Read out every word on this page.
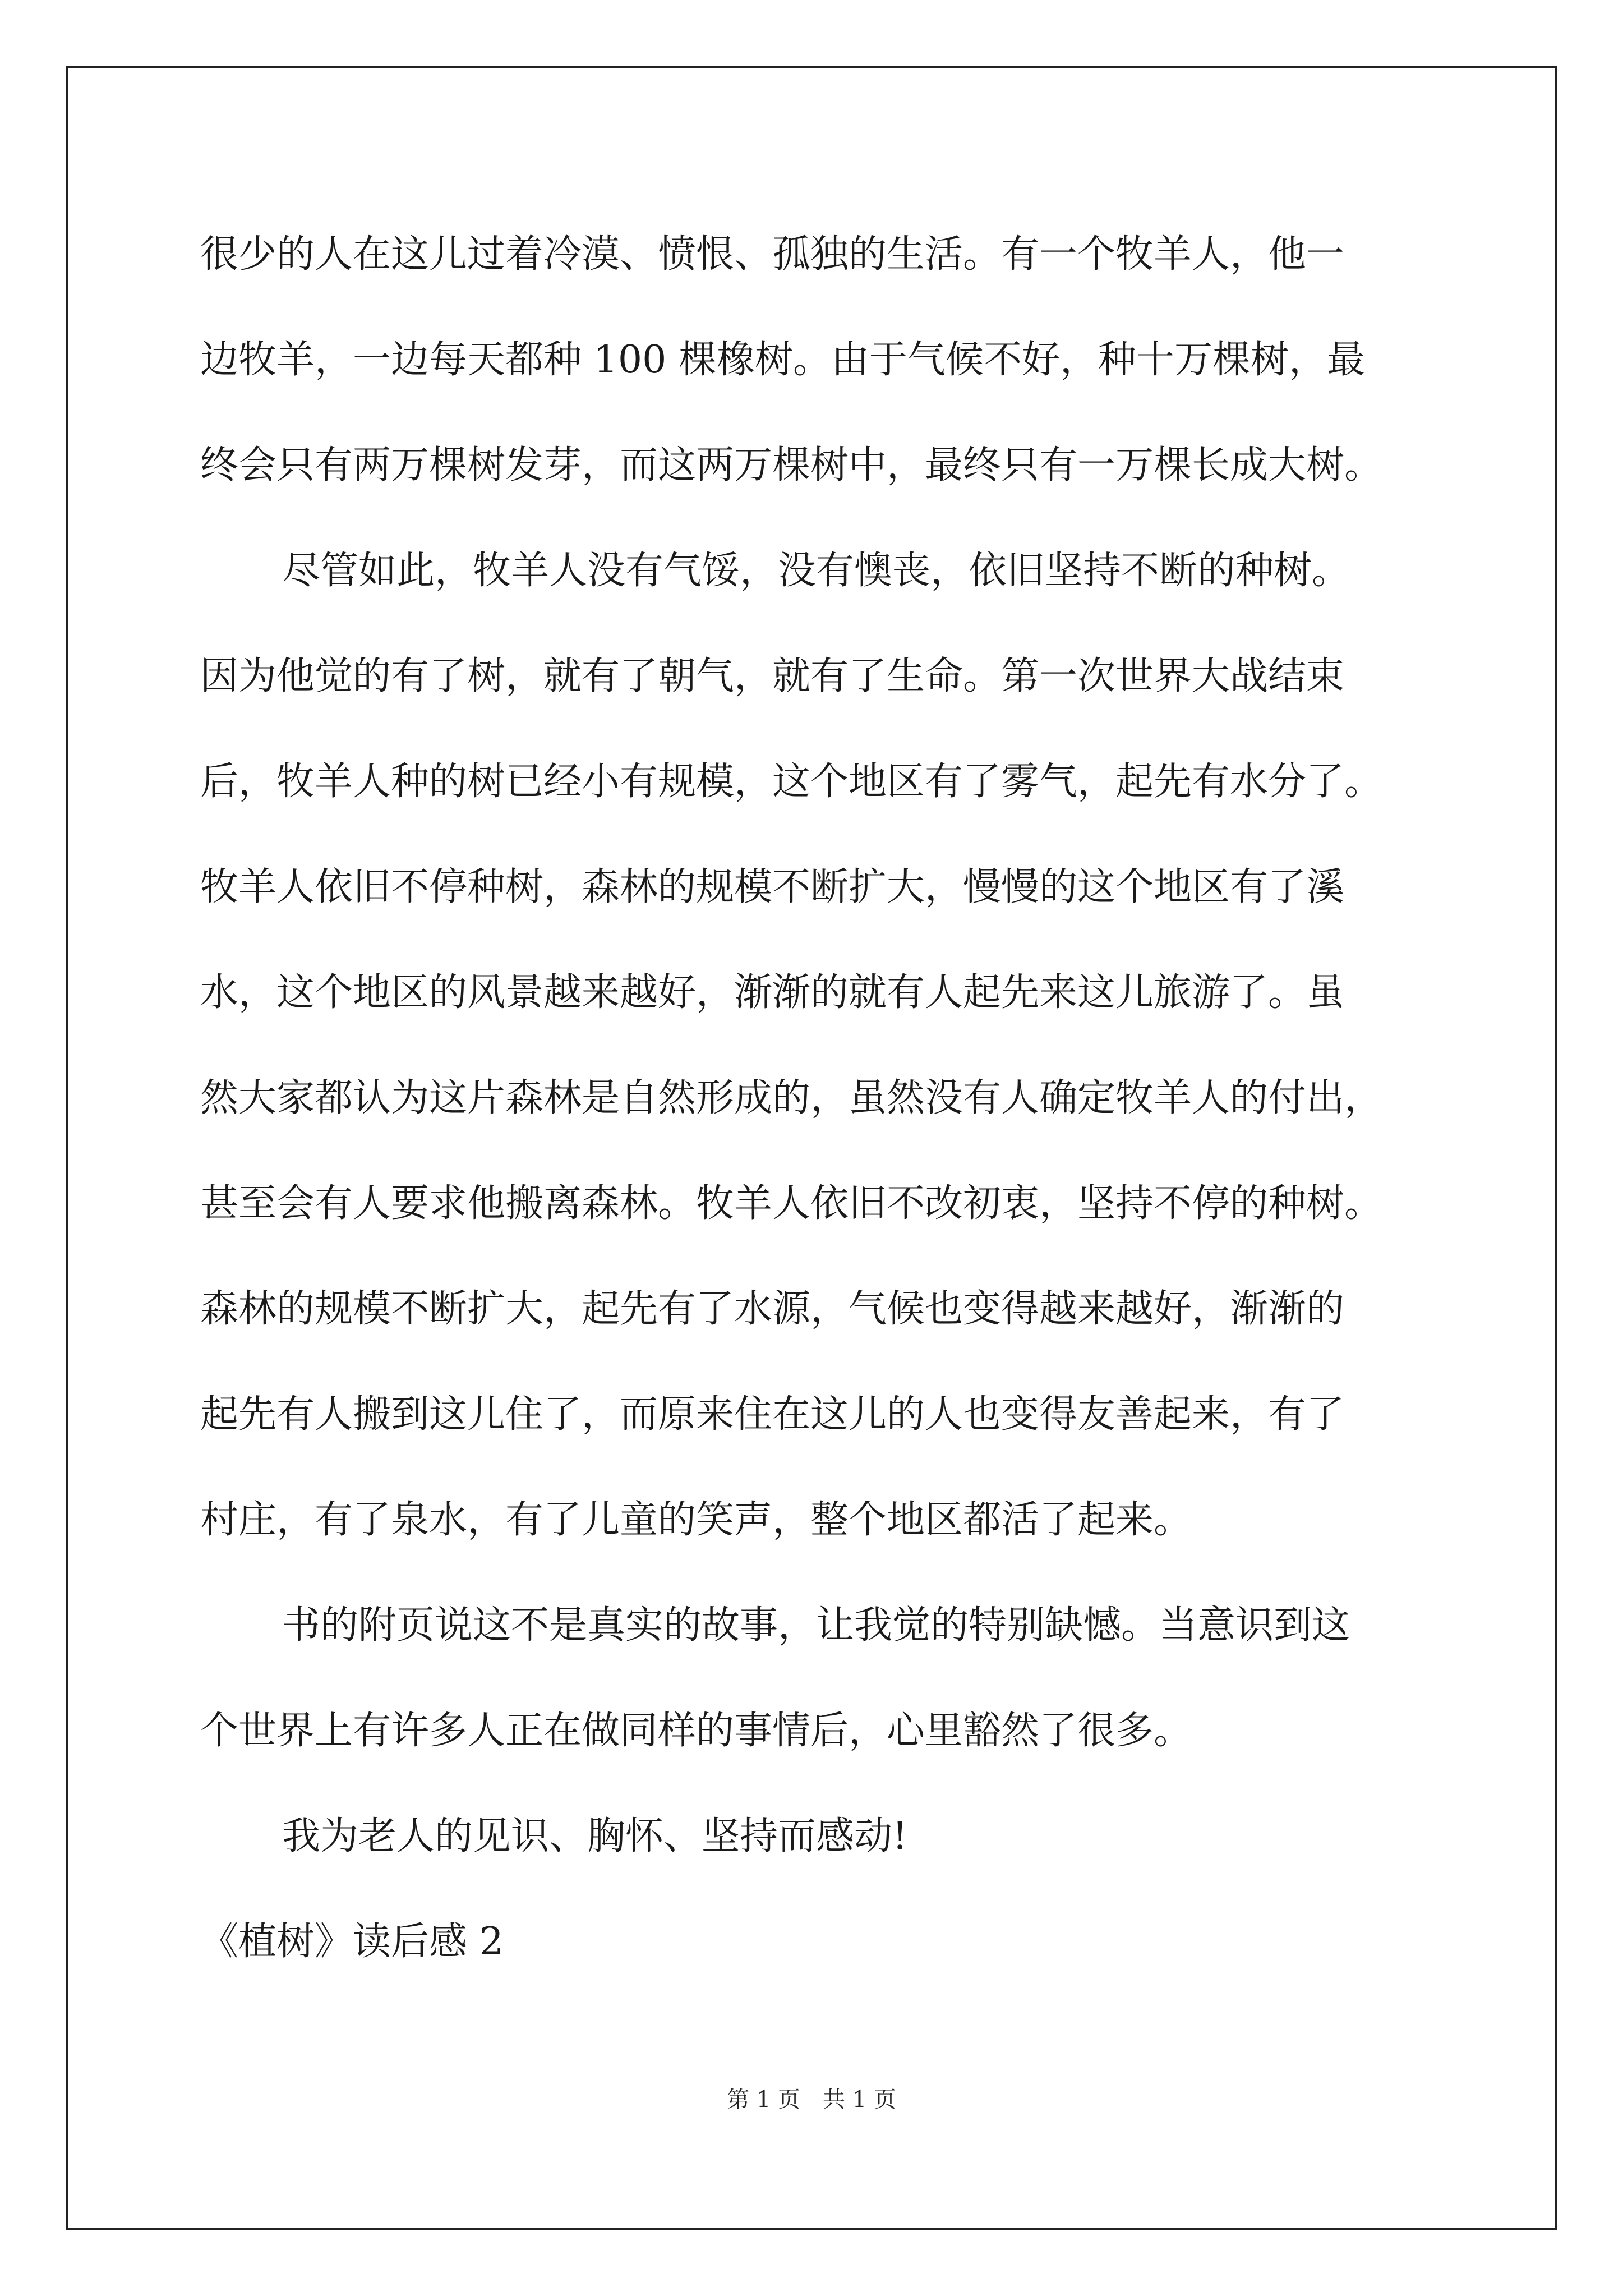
很少的人在这儿过着冷漠、愤恨、孤独的生活。有一个牧羊人，他一
边牧羊，一边每天都种 100 棵橡树。由于气候不好，种十万棵树，最
终会只有两万棵树发芽，而这两万棵树中，最终只有一万棵长成大树。
尽管如此，牧羊人没有气馁，没有懊丧，依旧坚持不断的种树。
因为他觉的有了树，就有了朝气，就有了生命。第一次世界大战结束
后，牧羊人种的树已经小有规模，这个地区有了雾气，起先有水分了。
牧羊人依旧不停种树，森林的规模不断扩大，慢慢的这个地区有了溪
水，这个地区的风景越来越好，渐渐的就有人起先来这儿旅游了。虽
然大家都认为这片森林是自然形成的，虽然没有人确定牧羊人的付出，
甚至会有人要求他搬离森林。牧羊人依旧不改初衷，坚持不停的种树。
森林的规模不断扩大，起先有了水源，气候也变得越来越好，渐渐的
起先有人搬到这儿住了，而原来住在这儿的人也变得友善起来，有了
村庄，有了泉水，有了儿童的笑声，整个地区都活了起来。
书的附页说这不是真实的故事，让我觉的特别缺憾。当意识到这
个世界上有许多人正在做同样的事情后，心里豁然了很多。
我为老人的见识、胸怀、坚持而感动!
《植树》读后感 2
第 1 页　共 1 页
